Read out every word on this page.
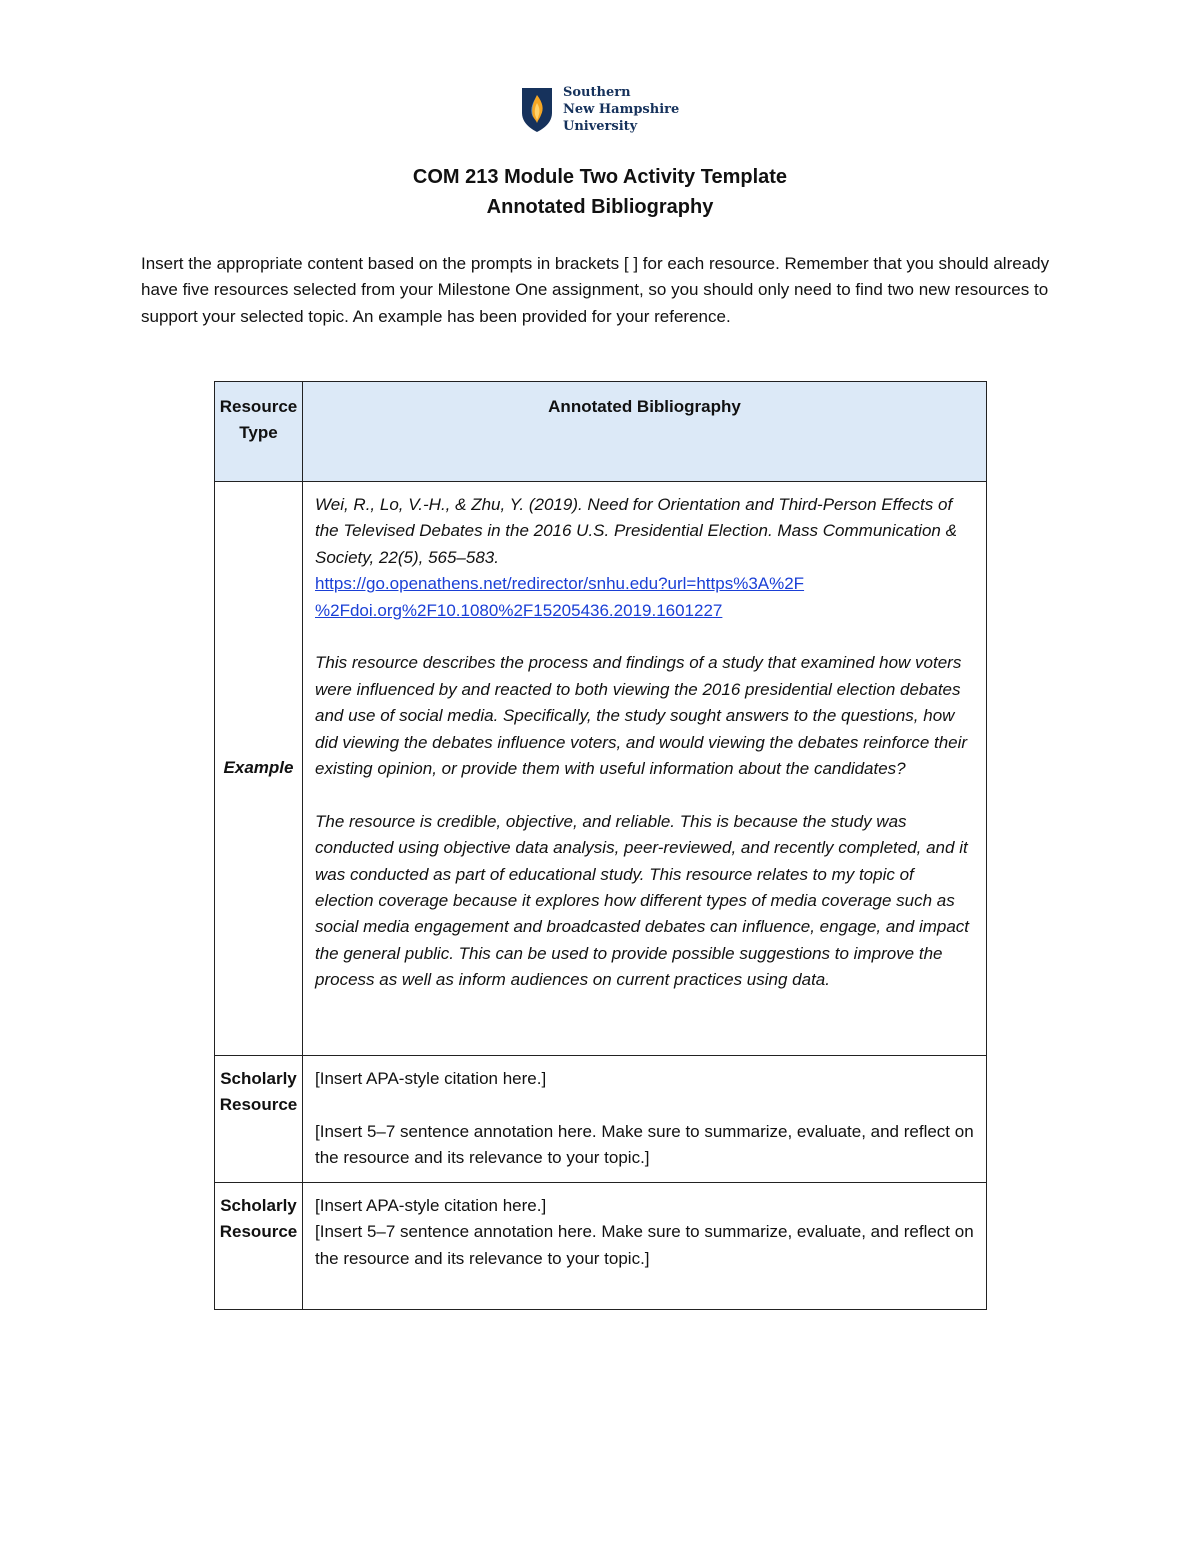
Southern
New Hampshire
University
COM 213 Module Two Activity Template
Annotated Bibliography

Insert the appropriate content based on the prompts in brackets [ ] for each resource. Remember that you should already have five resources selected from your Milestone One assignment, so you should only need to find two new resources to support your selected topic. An example has been provided for your reference.

Resource Type	Annotated Bibliography
Example	Wei, R., Lo, V.-H., & Zhu, Y. (2019). Need for Orientation and Third-Person Effects of the Televised Debates in the 2016 U.S. Presidential Election. Mass Communication & Society, 22(5), 565–583.
https://go.openathens.net/redirector/snhu.edu?url=https%3A%2F
%2Fdoi.org%2F10.1080%2F15205436.2019.1601227

This resource describes the process and findings of a study that examined how voters were influenced by and reacted to both viewing the 2016 presidential election debates and use of social media. Specifically, the study sought answers to the questions, how did viewing the debates influence voters, and would viewing the debates reinforce their existing opinion, or provide them with useful information about the candidates?

The resource is credible, objective, and reliable. This is because the study was conducted using objective data analysis, peer-reviewed, and recently completed, and it was conducted as part of educational study. This resource relates to my topic of election coverage because it explores how different types of media coverage such as social media engagement and broadcasted debates can influence, engage, and impact the general public. This can be used to provide possible suggestions to improve the process as well as inform audiences on current practices using data.

Scholarly Resource	[Insert APA-style citation here.]

[Insert 5–7 sentence annotation here. Make sure to summarize, evaluate, and reflect on the resource and its relevance to your topic.]

Scholarly Resource	[Insert APA-style citation here.]

[Insert 5–7 sentence annotation here. Make sure to summarize, evaluate, and reflect on the resource and its relevance to your topic.]
